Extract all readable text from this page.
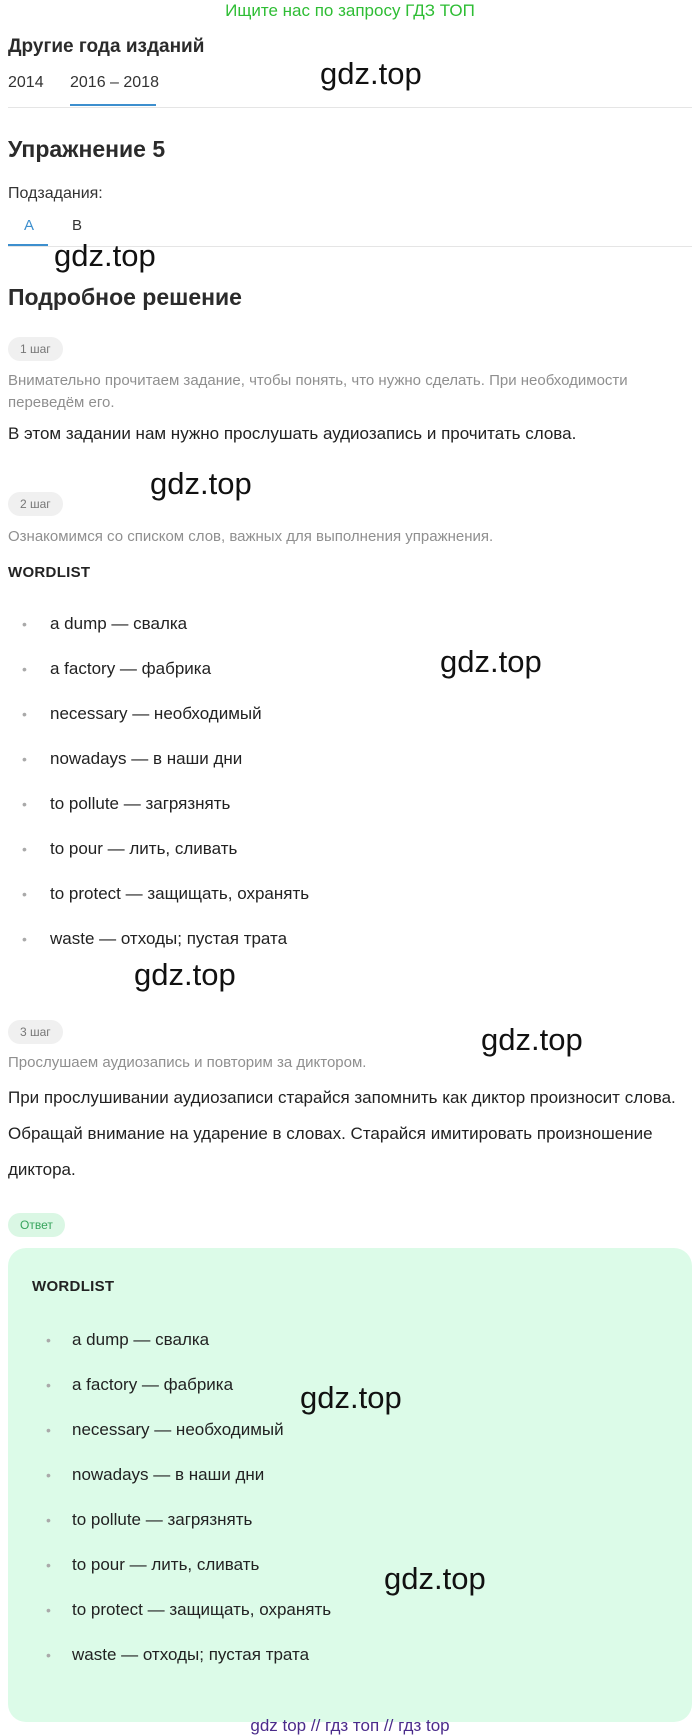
Ищите нас по запросу ГДЗ ТОП
Другие года изданий
2014 2016 – 2018
Упражнение 5
Подзадания:
A	B
Подробное решение
1 шаг
Внимательно прочитаем задание, чтобы понять, что нужно сделать. При необходимости переведём его.
В этом задании нам нужно прослушать аудиозапись и прочитать слова.
2 шаг
Ознакомимся со списком слов, важных для выполнения упражнения.
WORDLIST
• a dump — свалка
• a factory — фабрика
• necessary — необходимый
• nowadays — в наши дни
• to pollute — загрязнять
• to pour — лить, сливать
• to protect — защищать, охранять
• waste — отходы; пустая трата
3 шаг
Прослушаем аудиозапись и повторим за диктором.
При прослушивании аудиозаписи старайся запомнить как диктор произносит слова. Обращай внимание на ударение в словах. Старайся имитировать произношение диктора.
Ответ
WORDLIST
• a dump — свалка
• a factory — фабрика
• necessary — необходимый
• nowadays — в наши дни
• to pollute — загрязнять
• to pour — лить, сливать
• to protect — защищать, охранять
• waste — отходы; пустая трата
gdz.top
gdz.top
gdz.top
gdz.top
gdz.top
gdz.top
gdz.top
gdz.top
gdz top // гдз топ // гдз top
